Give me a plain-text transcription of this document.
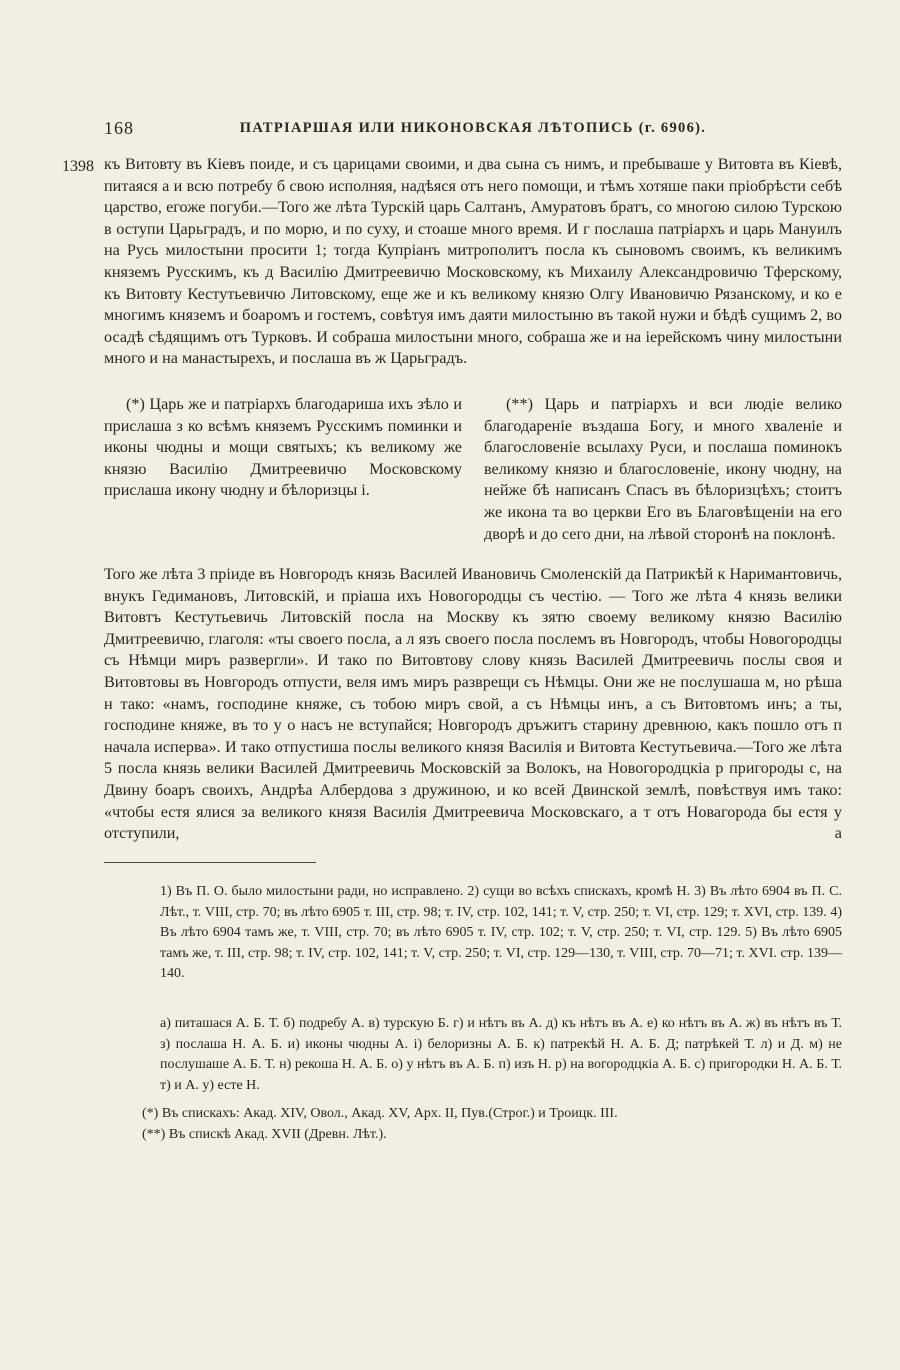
168	ПАТРІАРШАЯ ИЛИ НИКОНОВСКАЯ ЛѢТОПИСЬ (г. 6906).
1398 къ Витовту въ Кіевъ поиде, и съ царицами своими, и два сына съ нимъ, и пребываше у Витовта въ Кіевѣ, питаяся а и всю потребу б свою исполняя, надѣяся отъ него помощи, и тѣмъ хотяше паки пріобрѣсти себѣ царство, егоже погуби.—Того же лѣта Турскій царь Салтанъ, Амуратовъ братъ, со многою силою Турскою в оступи Царьградъ, и по морю, и по суху, и стоаше много время. И г послаша патріархъ и царь Мануилъ на Русь милостыни просити 1; тогда Купріанъ митрополитъ посла къ сыновомъ своимъ, къ великимъ княземъ Русскимъ, къ д Василію Дмитреевичю Московскому, къ Михаилу Александровичю Тферскому, къ Витовту Кестутьевичю Литовскому, еще же и къ великому князю Олгу Ивановичю Рязанскому, и ко е многимъ княземъ и боаромъ и гостемъ, совѣтуя имъ даяти милостыню въ такой нужи и бѣдѣ сущимъ 2, во осадѣ сѣдящимъ отъ Турковъ. И собраша милостыни много, собраша же и на іерейскомъ чину милостыни много и на манастырехъ, и послаша въ ж Царьградъ.

(*) Царь же и патріархъ благодариша ихъ зѣло и прислаша з ко всѣмъ княземъ Русскимъ поминки и иконы чюдны и мощи святыхъ; къ великому же князю Василію Дмитреевичю Московскому прислаша икону чюдну и бѣлоризцы і.

(**) Царь и патріархъ и вси людіе велико благодареніе въздаша Богу, и много хваленіе и благословеніе всылаху Руси, и послаша поминокъ великому князю и благословеніе, икону чюдну, на нейже бѣ написанъ Спасъ въ бѣлоризцѣхъ; стоитъ же икона та во церкви Его въ Благовѣщеніи на его дворѣ и до сего дни, на лѣвой сторонѣ на поклонѣ.

Того же лѣта 3 пріиде въ Новгородъ князь Василей Ивановичь Смоленскій да Патрикѣй к Наримантовичь, внукъ Гедимановъ, Литовскій, и пріаша ихъ Новогородцы съ честію. — Того же лѣта 4 князь велики Витовтъ Кестутьевичь Литовскій посла на Москву къ зятю своему великому князю Василію Дмитреевичю, глаголя: «ты своего посла, а л язъ своего посла послемъ въ Новгородъ, чтобы Новогородцы съ Нѣмци миръ развергли». И тако по Витовтову слову князь Василей Дмитреевичь послы своя и Витовтовы въ Новгородъ отпусти, веля имъ миръ разврещи съ Нѣмцы. Они же не послушаша м, но рѣша н тако: «намъ, господине княже, съ тобою миръ свой, а съ Нѣмцы инъ, а съ Витовтомъ инъ; а ты, господине княже, въ то у о насъ не вступайся; Новгородъ дръжитъ старину древнюю, какъ пошло отъ п начала исперва». И тако отпустиша послы великого князя Василія и Витовта Кестутьевича.—Того же лѣта 5 посла князь велики Василей Дмитреевичь Московскій за Волокъ, на Новогородцкіа р пригороды с, на Двину боаръ своихъ, Андрѣа Албердова з дружиною, и ко всей Двинской землѣ, повѣствуя имъ тако: «чтобы естя ялися за великого князя Василія Дмитреевича Московскаго, а т отъ Новагорода бы естя у отступили, а

1) Въ П. О. было милостыни ради, но исправлено. 2) сущи во всѣхъ спискахъ, кромѣ Н. 3) Въ лѣто 6904 въ П. С. Лѣт., т. VIII, стр. 70; въ лѣто 6905 т. III, стр. 98; т. IV, стр. 102, 141; т. V, стр. 250; т. VI, стр. 129; т. XVI, стр. 139. 4) Въ лѣто 6904 тамъ же, т. VIII, стр. 70; въ лѣто 6905 т. IV, стр. 102; т. V, стр. 250; т. VI, стр. 129. 5) Въ лѣто 6905 тамъ же, т. III, стр. 98; т. IV, стр. 102, 141; т. V, стр. 250; т. VI, стр. 129—130, т. VIII, стр. 70—71; т. XVI. стр. 139—140.

а) питашася А. Б. Т. б) подребу А. в) турскую Б. г) и нѣтъ въ А. д) къ нѣтъ въ А. е) ко нѣтъ въ А. ж) въ нѣтъ въ Т. з) послаша Н. А. Б. и) иконы чюдны А. і) белоризны А. Б. к) патрекѣй Н. А. Б. Д; патрѣкей Т. л) и Д. м) не послушаше А. Б. Т. н) рекоша Н. А. Б. о) у нѣтъ въ А. Б. п) изъ Н. р) на вогородцкіа А. Б. с) пригородки Н. А. Б. Т. т) и А. у) есте Н.

(*) Въ спискахъ: Акад. XIV, Овол., Акад. XV, Арх. II, Пув.(Строг.) и Троицк. III.

(**) Въ спискѣ Акад. XVII (Древн. Лѣт.).
